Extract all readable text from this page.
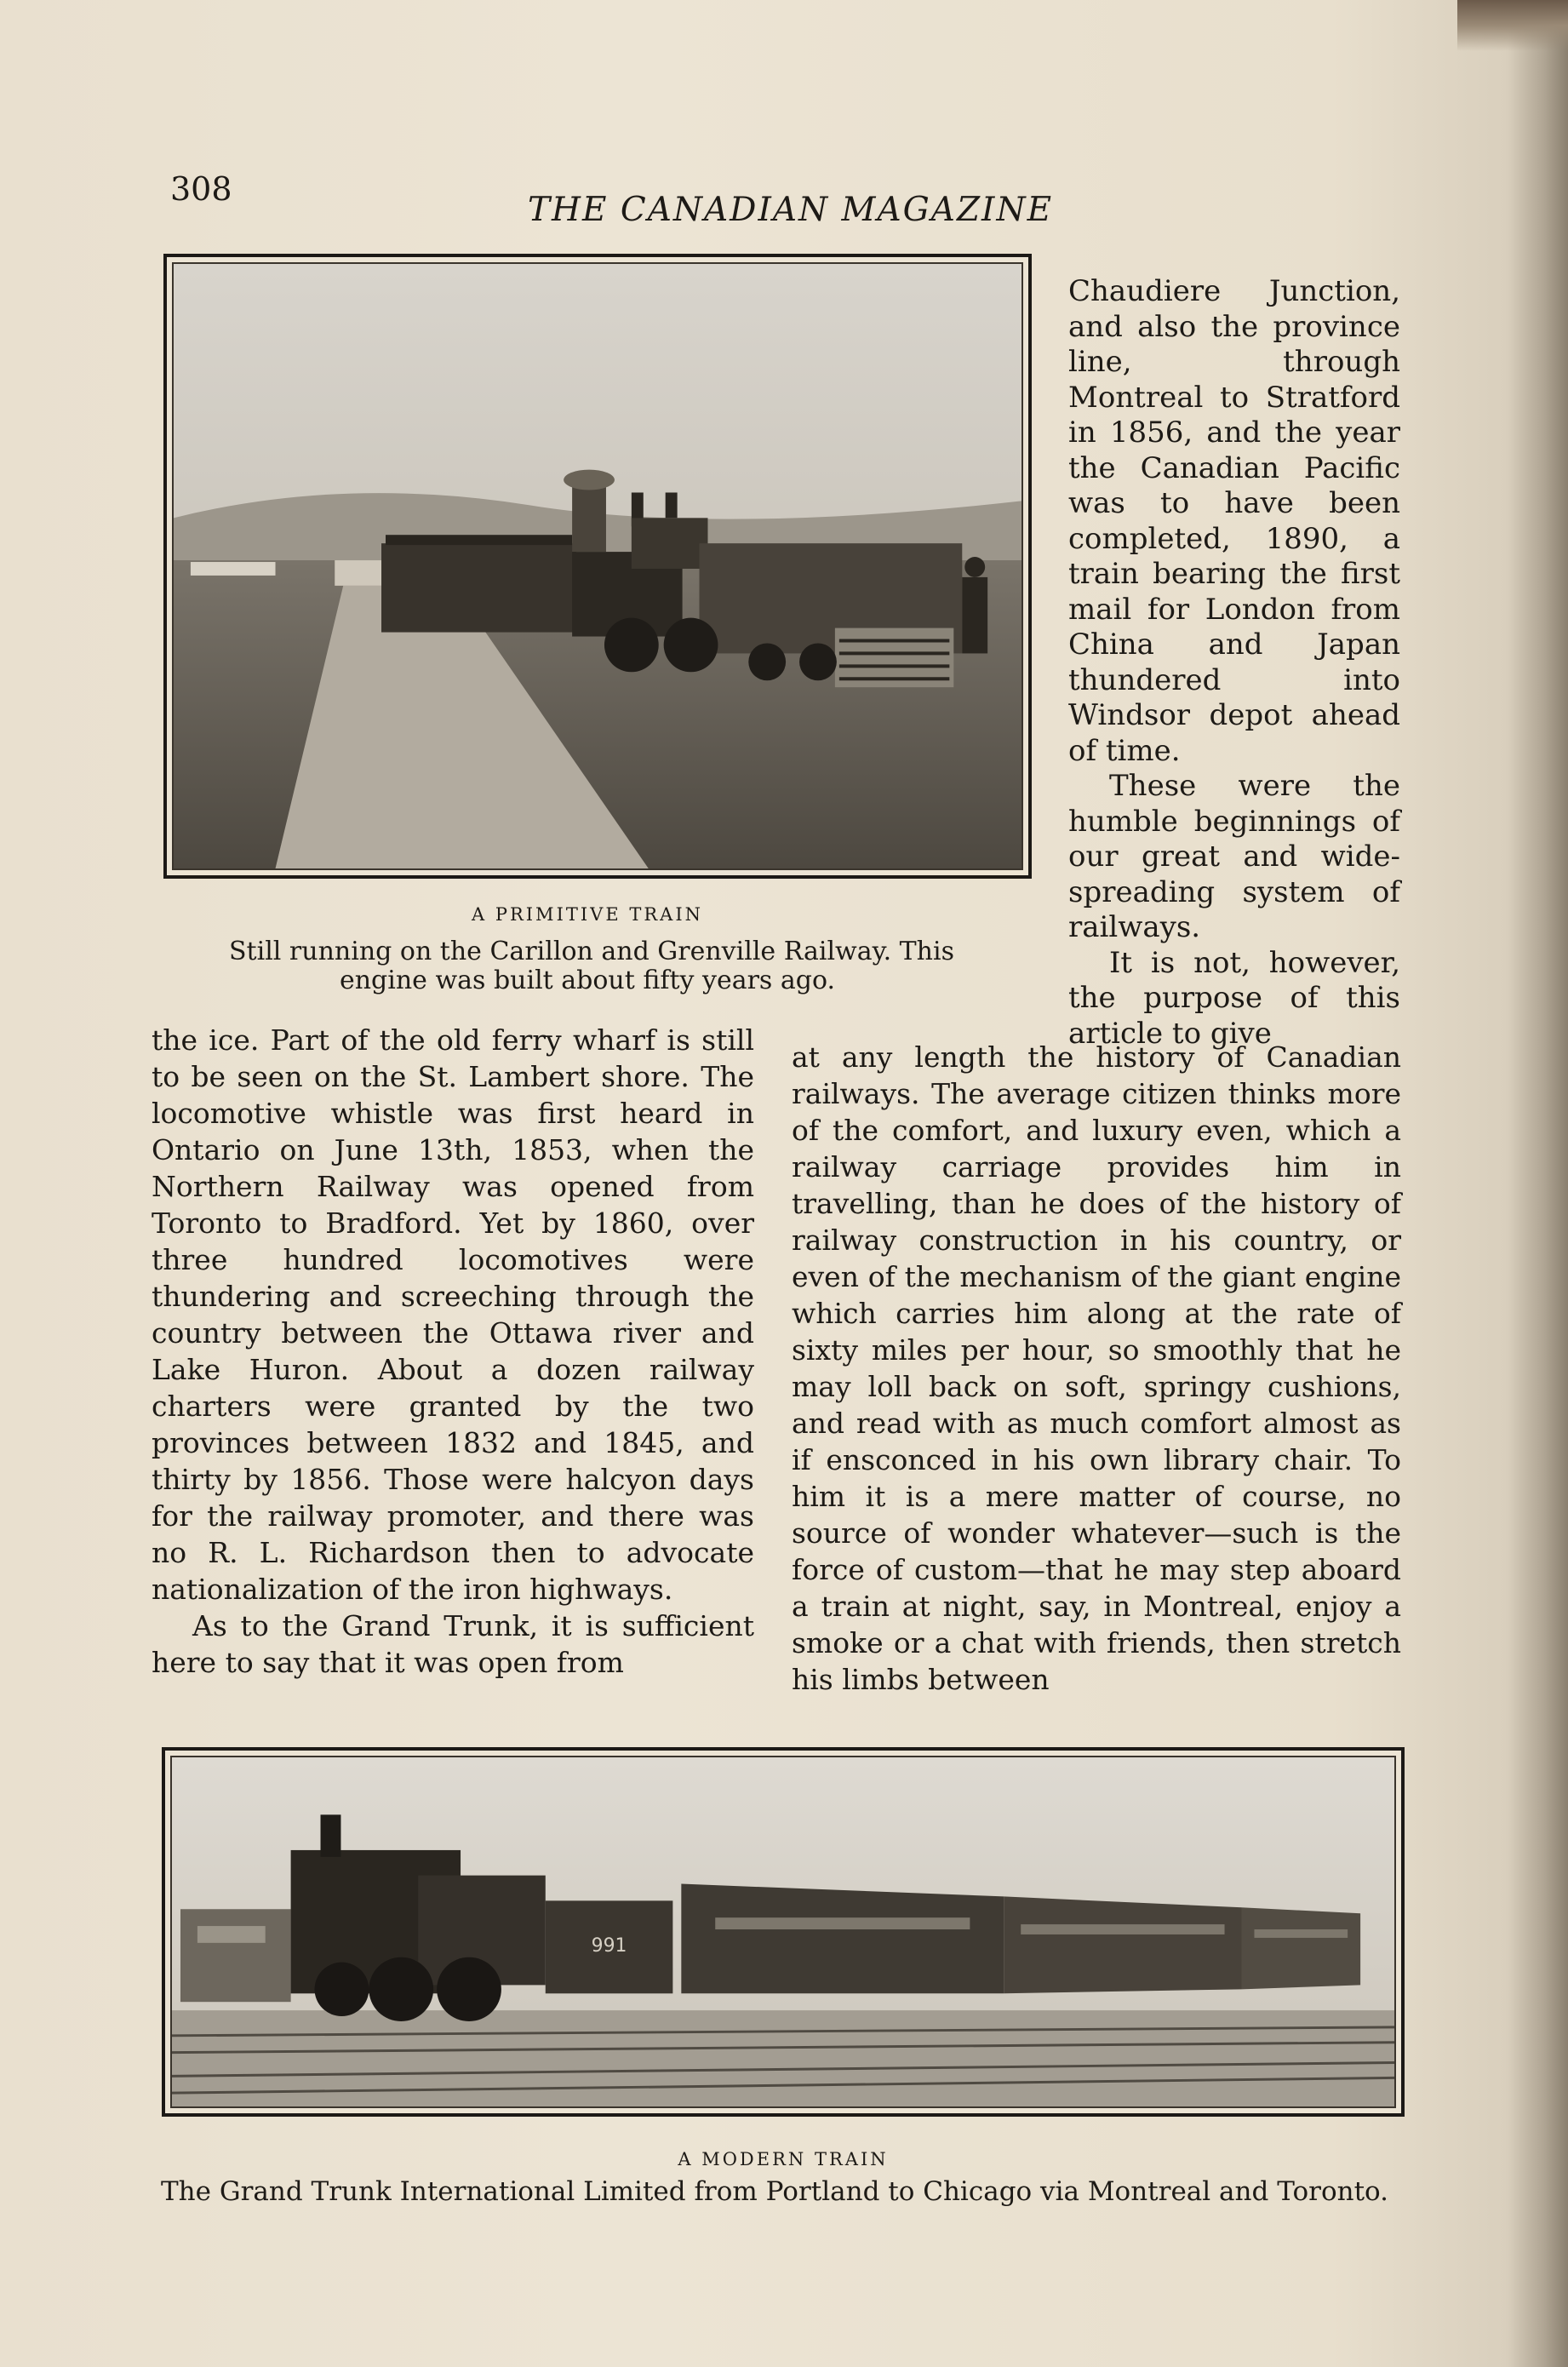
308
THE CANADIAN MAGAZINE
A PRIMITIVE TRAIN
Still running on the Carillon and Grenville Railway. This
engine was built about fifty years ago.

Chaudiere Junction, and also the province line, through Montreal to Stratford in 1856, and the year the Canadian Pacific was to have been completed, 1890, a train bearing the first mail for London from China and Japan thundered into Windsor depot ahead of time.

These were the humble beginnings of our great and wide-spreading system of railways.

It is not, however, the purpose of this article to give

the ice. Part of the old ferry wharf is still to be seen on the St. Lambert shore. The locomotive whistle was first heard in Ontario on June 13th, 1853, when the Northern Railway was opened from Toronto to Bradford. Yet by 1860, over three hundred locomotives were thundering and screeching through the country between the Ottawa river and Lake Huron. About a dozen railway charters were granted by the two provinces between 1832 and 1845, and thirty by 1856. Those were halcyon days for the railway promoter, and there was no R. L. Richardson then to advocate nationalization of the iron highways.

As to the Grand Trunk, it is sufficient here to say that it was open from

at any length the history of Canadian railways. The average citizen thinks more of the comfort, and luxury even, which a railway carriage provides him in travelling, than he does of the history of railway construction in his country, or even of the mechanism of the giant engine which carries him along at the rate of sixty miles per hour, so smoothly that he may loll back on soft, springy cushions, and read with as much comfort almost as if ensconced in his own library chair. To him it is a mere matter of course, no source of wonder whatever—such is the force of custom—that he may step aboard a train at night, say, in Montreal, enjoy a smoke or a chat with friends, then stretch his limbs between

991
A MODERN TRAIN
The Grand Trunk International Limited from Portland to Chicago via Montreal and Toronto.
